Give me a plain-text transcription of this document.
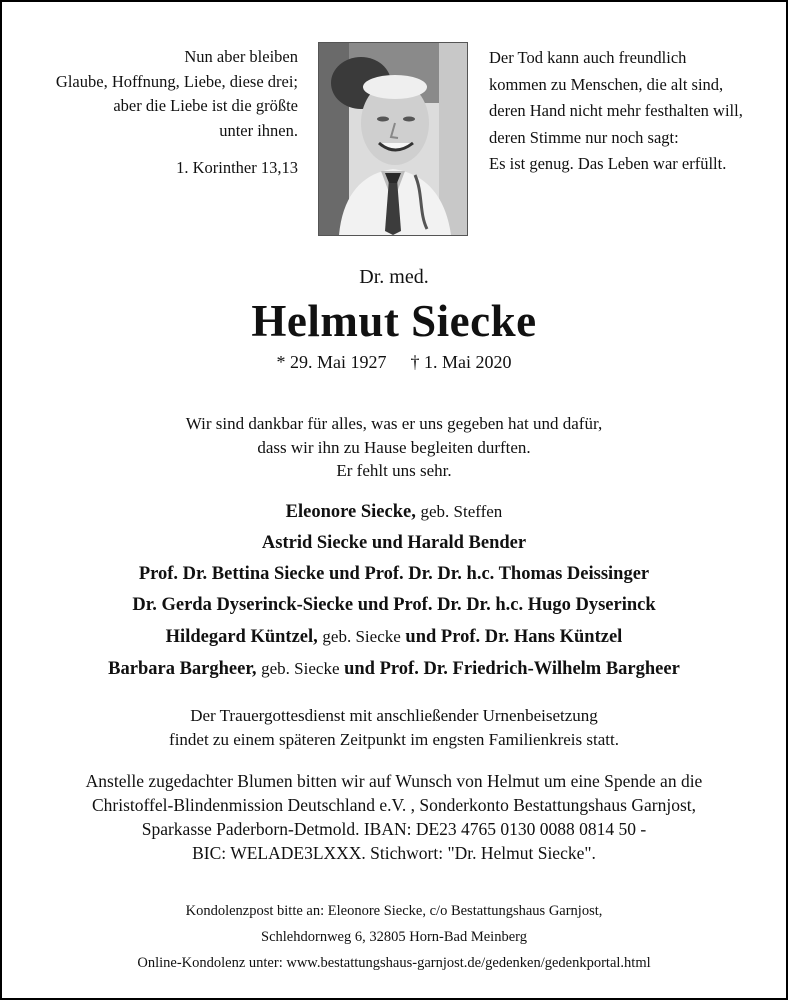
Nun aber bleiben
Glaube, Hoffnung, Liebe, diese drei;
aber die Liebe ist die größte
unter ihnen.
1. Korinther 13,13
Der Tod kann auch freundlich
kommen zu Menschen, die alt sind,
deren Hand nicht mehr festhalten will,
deren Stimme nur noch sagt:
Es ist genug. Das Leben war erfüllt.
Dr. med.
Helmut Siecke
* 29. Mai 1927 † 1. Mai 2020
Wir sind dankbar für alles, was er uns gegeben hat und dafür,
dass wir ihn zu Hause begleiten durften.
Er fehlt uns sehr.
Eleonore Siecke, geb. Steffen
Astrid Siecke und Harald Bender
Prof. Dr. Bettina Siecke und Prof. Dr. Dr. h.c. Thomas Deissinger
Dr. Gerda Dyserinck-Siecke und Prof. Dr. Dr. h.c. Hugo Dyserinck
Hildegard Küntzel, geb. Siecke und Prof. Dr. Hans Küntzel
Barbara Bargheer, geb. Siecke und Prof. Dr. Friedrich-Wilhelm Bargheer
Der Trauergottesdienst mit anschließender Urnenbeisetzung
findet zu einem späteren Zeitpunkt im engsten Familienkreis statt.
Anstelle zugedachter Blumen bitten wir auf Wunsch von Helmut um eine Spende an die
Christoffel-Blindenmission Deutschland e.V. , Sonderkonto Bestattungshaus Garnjost,
Sparkasse Paderborn-Detmold. IBAN: DE23 4765 0130 0088 0814 50 -
BIC: WELADE3LXXX. Stichwort: "Dr. Helmut Siecke".
Kondolenzpost bitte an: Eleonore Siecke, c/o Bestattungshaus Garnjost,
Schlehdornweg 6, 32805 Horn-Bad Meinberg
Online-Kondolenz unter: www.bestattungshaus-garnjost.de/gedenken/gedenkportal.html
